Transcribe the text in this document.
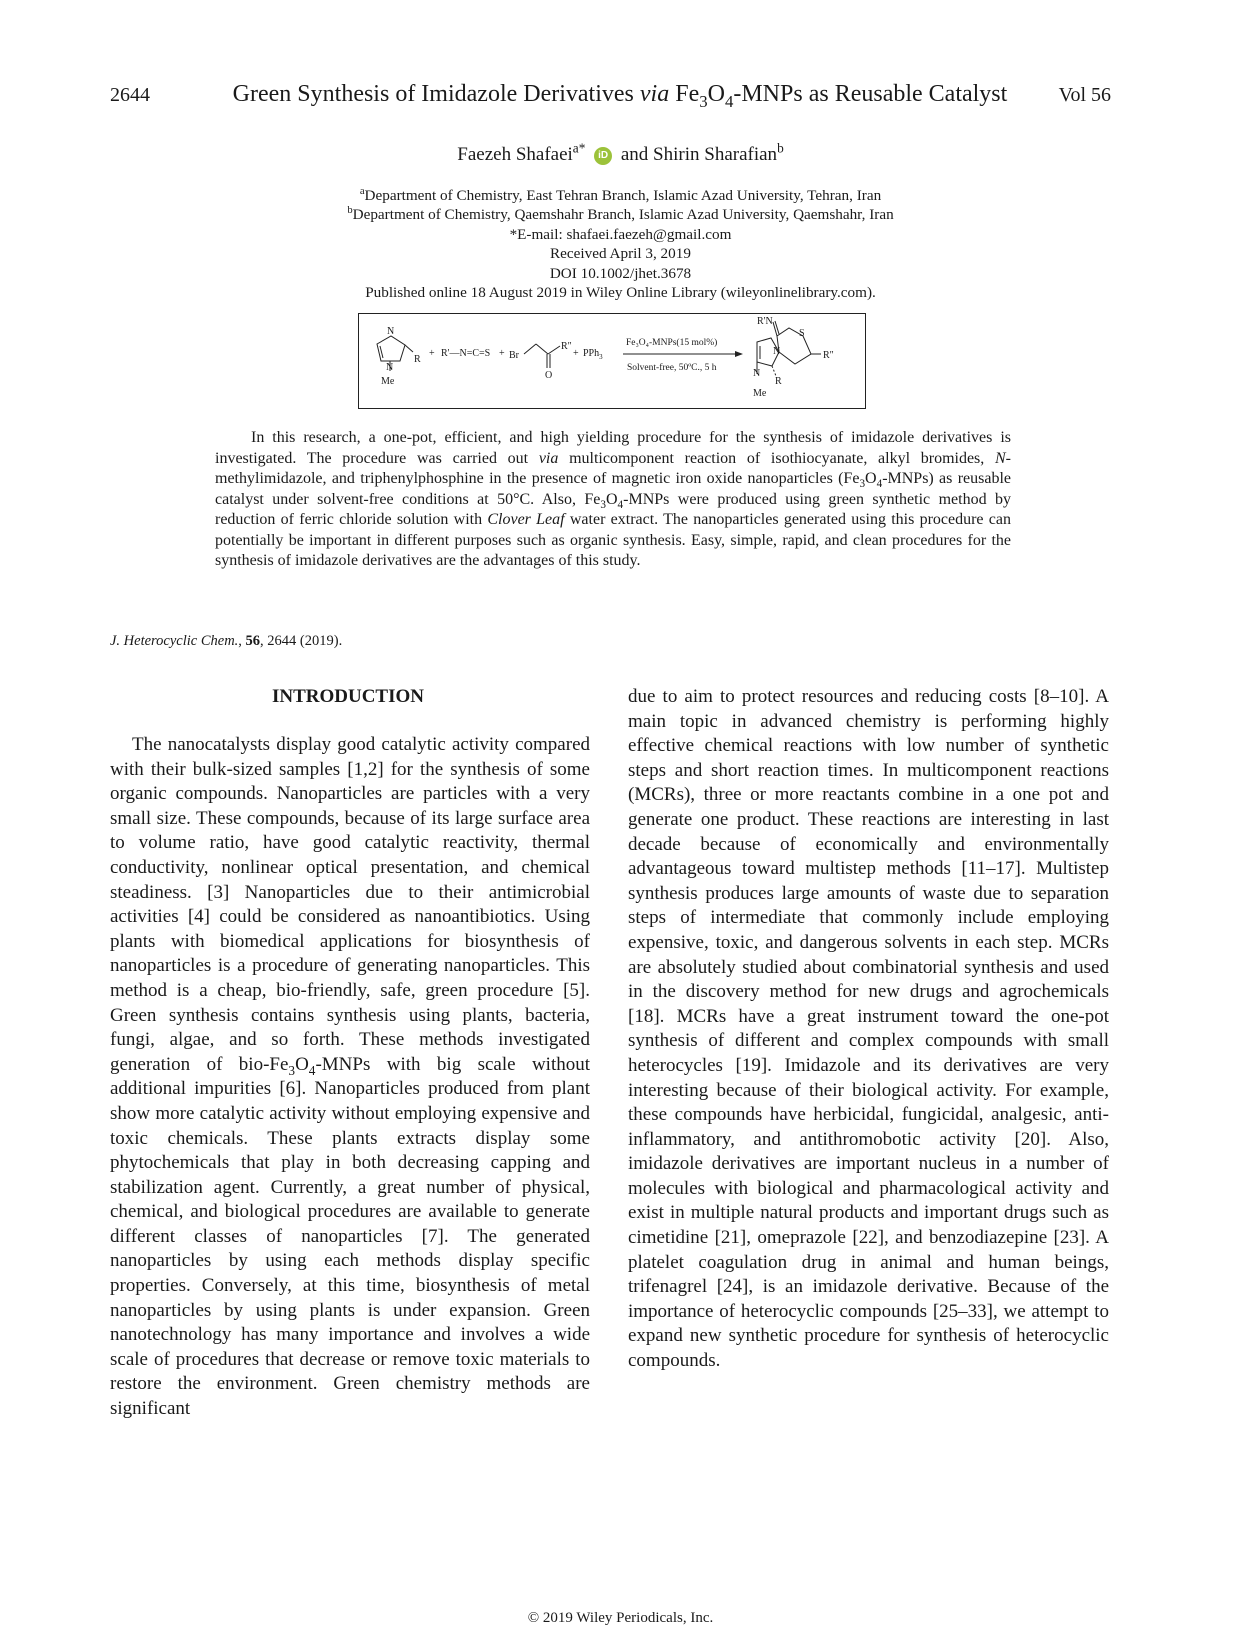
2644	Vol 56
Green Synthesis of Imidazole Derivatives via $Fe_3O_4$-MNPs as Reusable Catalyst
Faezeh Shafaei$^{a*}$ iD and Shirin Sharafian$^b$
$^a$Department of Chemistry, East Tehran Branch, Islamic Azad University, Tehran, Iran
$^b$Department of Chemistry, Qaemshahr Branch, Islamic Azad University, Qaemshahr, Iran
*E-mail: shafaei.faezeh@gmail.com
Received April 3, 2019
DOI 10.1002/jhet.3678
Published online 18 August 2019 in Wiley Online Library (wileyonlinelibrary.com).
N
N
Me
R
+ R'—N=C=S + Br
R"
O
+ PPh$_3$
Fe₃O₄-MNPs(15 mol%)
Solvent-free, 50ºC., 5 h
R'N
S
N	R"
N
R
Me

In this research, a one-pot, efficient, and high yielding procedure for the synthesis of imidazole derivatives is investigated. The procedure was carried out via multicomponent reaction of isothiocyanate, alkyl bromides, N-methylimidazole, and triphenylphosphine in the presence of magnetic iron oxide nanoparticles $(Fe_3O_4-MNPs)$ as reusable catalyst under solvent-free conditions at 50°C. Also, $Fe_3O_4$-MNPs were produced using green synthetic method by reduction of ferric chloride solution with Clover Leaf water extract. The nanoparticles generated using this procedure can potentially be important in different purposes such as organic synthesis. Easy, simple, rapid, and clean procedures for the synthesis of imidazole derivatives are the advantages of this study.

J. Heterocyclic Chem., 56, 2644 (2019).
INTRODUCTION

The nanocatalysts display good catalytic activity compared with their bulk-sized samples [1,2] for the synthesis of some organic compounds. Nanoparticles are particles with a very small size. These compounds, because of its large surface area to volume ratio, have good catalytic reactivity, thermal conductivity, nonlinear optical presentation, and chemical steadiness. [3] Nanoparticles due to their antimicrobial activities [4] could be considered as nanoantibiotics. Using plants with biomedical applications for biosynthesis of nanoparticles is a procedure of generating nanoparticles. This method is a cheap, bio-friendly, safe, green procedure [5]. Green synthesis contains synthesis using plants, bacteria, fungi, algae, and so forth. These methods investigated generation of bio-$Fe_3O_4$-MNPs with big scale without additional impurities [6]. Nanoparticles produced from plant show more catalytic activity without employing expensive and toxic chemicals. These plants extracts display some phytochemicals that play in both decreasing capping and stabilization agent. Currently, a great number of physical, chemical, and biological procedures are available to generate different classes of nanoparticles [7]. The generated nanoparticles by using each methods display specific properties. Conversely, at this time, biosynthesis of metal nanoparticles by using plants is under expansion. Green nanotechnology has many importance and involves a wide scale of procedures that decrease or remove toxic materials to restore the environment. Green chemistry methods are significant

due to aim to protect resources and reducing costs [8–10]. A main topic in advanced chemistry is performing highly effective chemical reactions with low number of synthetic steps and short reaction times. In multicomponent reactions (MCRs), three or more reactants combine in a one pot and generate one product. These reactions are interesting in last decade because of economically and environmentally advantageous toward multistep methods [11–17]. Multistep synthesis produces large amounts of waste due to separation steps of intermediate that commonly include employing expensive, toxic, and dangerous solvents in each step. MCRs are absolutely studied about combinatorial synthesis and used in the discovery method for new drugs and agrochemicals [18]. MCRs have a great instrument toward the one-pot synthesis of different and complex compounds with small heterocycles [19]. Imidazole and its derivatives are very interesting because of their biological activity. For example, these compounds have herbicidal, fungicidal, analgesic, anti-inflammatory, and antithromobotic activity [20]. Also, imidazole derivatives are important nucleus in a number of molecules with biological and pharmacological activity and exist in multiple natural products and important drugs such as cimetidine [21], omeprazole [22], and benzodiazepine [23]. A platelet coagulation drug in animal and human beings, trifenagrel [24], is an imidazole derivative. Because of the importance of heterocyclic compounds [25–33], we attempt to expand new synthetic procedure for synthesis of heterocyclic compounds.

© 2019 Wiley Periodicals, Inc.
